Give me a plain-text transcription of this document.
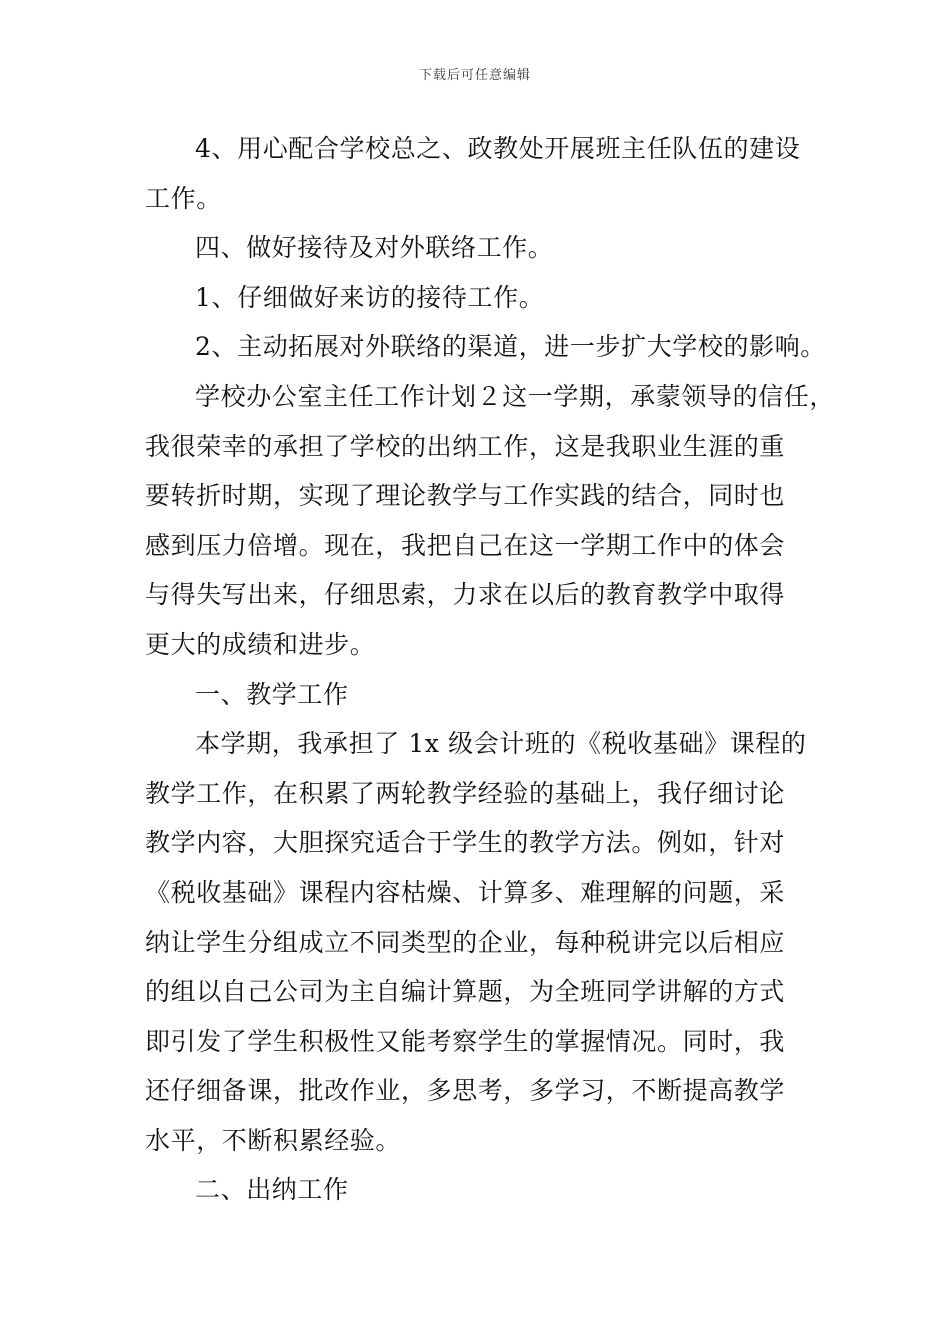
下载后可任意编辑
4、用心配合学校总之、政教处开展班主任队伍的建设
工作。
四、做好接待及对外联络工作。
1、仔细做好来访的接待工作。
2、主动拓展对外联络的渠道，进一步扩大学校的影响。
学校办公室主任工作计划２这一学期，承蒙领导的信任，
我很荣幸的承担了学校的出纳工作，这是我职业生涯的重
要转折时期，实现了理论教学与工作实践的结合，同时也
感到压力倍增。现在，我把自己在这一学期工作中的体会
与得失写出来，仔细思索，力求在以后的教育教学中取得
更大的成绩和进步。
一、教学工作
本学期，我承担了 1x 级会计班的《税收基础》课程的
教学工作，在积累了两轮教学经验的基础上，我仔细讨论
教学内容，大胆探究适合于学生的教学方法。例如，针对
《税收基础》课程内容枯燥、计算多、难理解的问题，采
纳让学生分组成立不同类型的企业，每种税讲完以后相应
的组以自己公司为主自编计算题，为全班同学讲解的方式
即引发了学生积极性又能考察学生的掌握情况。同时，我
还仔细备课，批改作业，多思考，多学习，不断提高教学
水平，不断积累经验。
二、出纳工作
